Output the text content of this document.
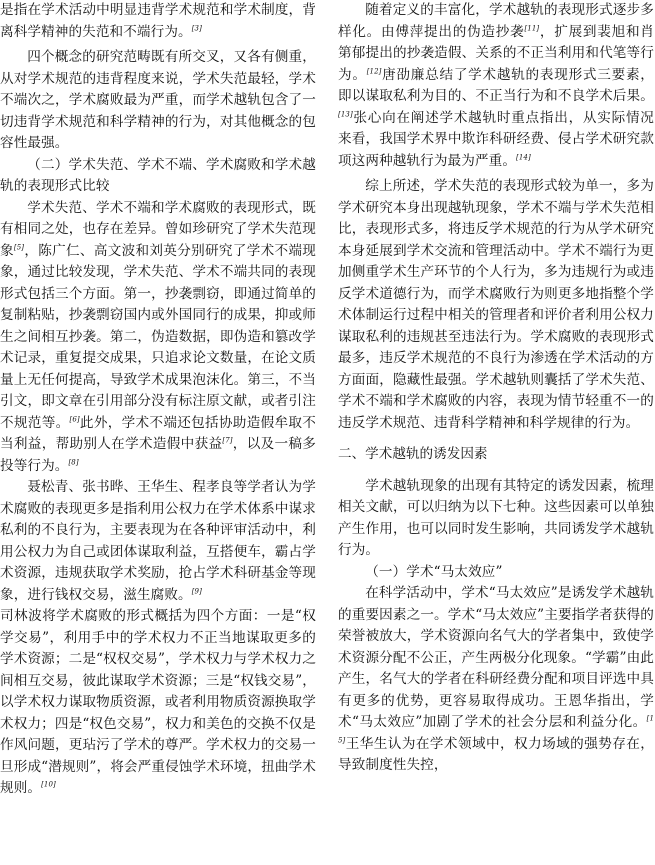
是指在学术活动中明显违背学术规范和学术制度，背离科学精神的失范和不端行为。[3]

四个概念的研究范畴既有所交叉，又各有侧重，从对学术规范的违背程度来说，学术失范最轻，学术不端次之，学术腐败最为严重，而学术越轨包含了一切违背学术规范和科学精神的行为，对其他概念的包容性最强。

（二）学术失范、学术不端、学术腐败和学术越轨的表现形式比较

学术失范、学术不端和学术腐败的表现形式，既有相同之处，也存在差异。曾如珍研究了学术失范现象[5]，陈广仁、高文波和刘英分别研究了学术不端现象，通过比较发现，学术失范、学术不端共同的表现形式包括三个方面。第一，抄袭剽窃，即通过简单的复制粘贴，抄袭剽窃国内或外国同行的成果，抑或师生之间相互抄袭。第二，伪造数据，即伪造和篡改学术记录，重复提交成果，只追求论文数量，在论文质量上无任何提高，导致学术成果泡沫化。第三，不当引文，即文章在引用部分没有标注原文献，或者引注不规范等。[6]此外，学术不端还包括协助造假牟取不当利益，帮助别人在学术造假中获益[7]，以及一稿多投等行为。[8]

聂松青、张书晔、王华生、程孝良等学者认为学术腐败的表现更多是指利用公权力在学术体系中谋求私利的不良行为，主要表现为在各种评审活动中，利用公权力为自己或团体谋取利益，互搭便车，霸占学术资源，违规获取学术奖励，抢占学术科研基金等现象，进行钱权交易，滋生腐败。[9]

司林波将学术腐败的形式概括为四个方面：一是“权学交易”，利用手中的学术权力不正当地谋取更多的学术资源；二是“权权交易”，学术权力与学术权力之间相互交易，彼此谋取学术资源；三是“权钱交易”，以学术权力谋取物质资源，或者利用物质资源换取学术权力；四是“权色交易”，权力和美色的交换不仅是作风问题，更玷污了学术的尊严。学术权力的交易一旦形成“潜规则”，将会严重侵蚀学术环境，扭曲学术规则。[10]

随着定义的丰富化，学术越轨的表现形式逐步多样化。由傅萍提出的伪造抄袭[11]，扩展到裴旭和肖第郁提出的抄袭造假、关系的不正当利用和代笔等行为。[12]唐劭廉总结了学术越轨的表现形式三要素，即以谋取私利为目的、不正当行为和不良学术后果。[13]张心向在阐述学术越轨时重点指出，从实际情况来看，我国学术界中欺诈科研经费、侵占学术研究款项这两种越轨行为最为严重。[14]

综上所述，学术失范的表现形式较为单一，多为学术研究本身出现越轨现象，学术不端与学术失范相比，表现形式多，将违反学术规范的行为从学术研究本身延展到学术交流和管理活动中。学术不端行为更加侧重学术生产环节的个人行为，多为违规行为或违反学术道德行为，而学术腐败行为则更多地指整个学术体制运行过程中相关的管理者和评价者利用公权力谋取私利的违规甚至违法行为。学术腐败的表现形式最多，违反学术规范的不良行为渗透在学术活动的方方面面，隐藏性最强。学术越轨则囊括了学术失范、学术不端和学术腐败的内容，表现为情节轻重不一的违反学术规范、违背科学精神和科学规律的行为。

二、学术越轨的诱发因素

学术越轨现象的出现有其特定的诱发因素，梳理相关文献，可以归纳为以下七种。这些因素可以单独产生作用，也可以同时发生影响，共同诱发学术越轨行为。

（一）学术“马太效应”

在科学活动中，学术“马太效应”是诱发学术越轨的重要因素之一。学术“马太效应”主要指学者获得的荣誉被放大，学术资源向名气大的学者集中，致使学术资源分配不公正，产生两极分化现象。“学霸”由此产生，名气大的学者在科研经费分配和项目评选中具有更多的优势，更容易取得成功。王恩华指出，学术“马太效应”加剧了学术的社会分层和利益分化。[15]王华生认为在学术领域中，权力场域的强势存在，导致制度性失控，
